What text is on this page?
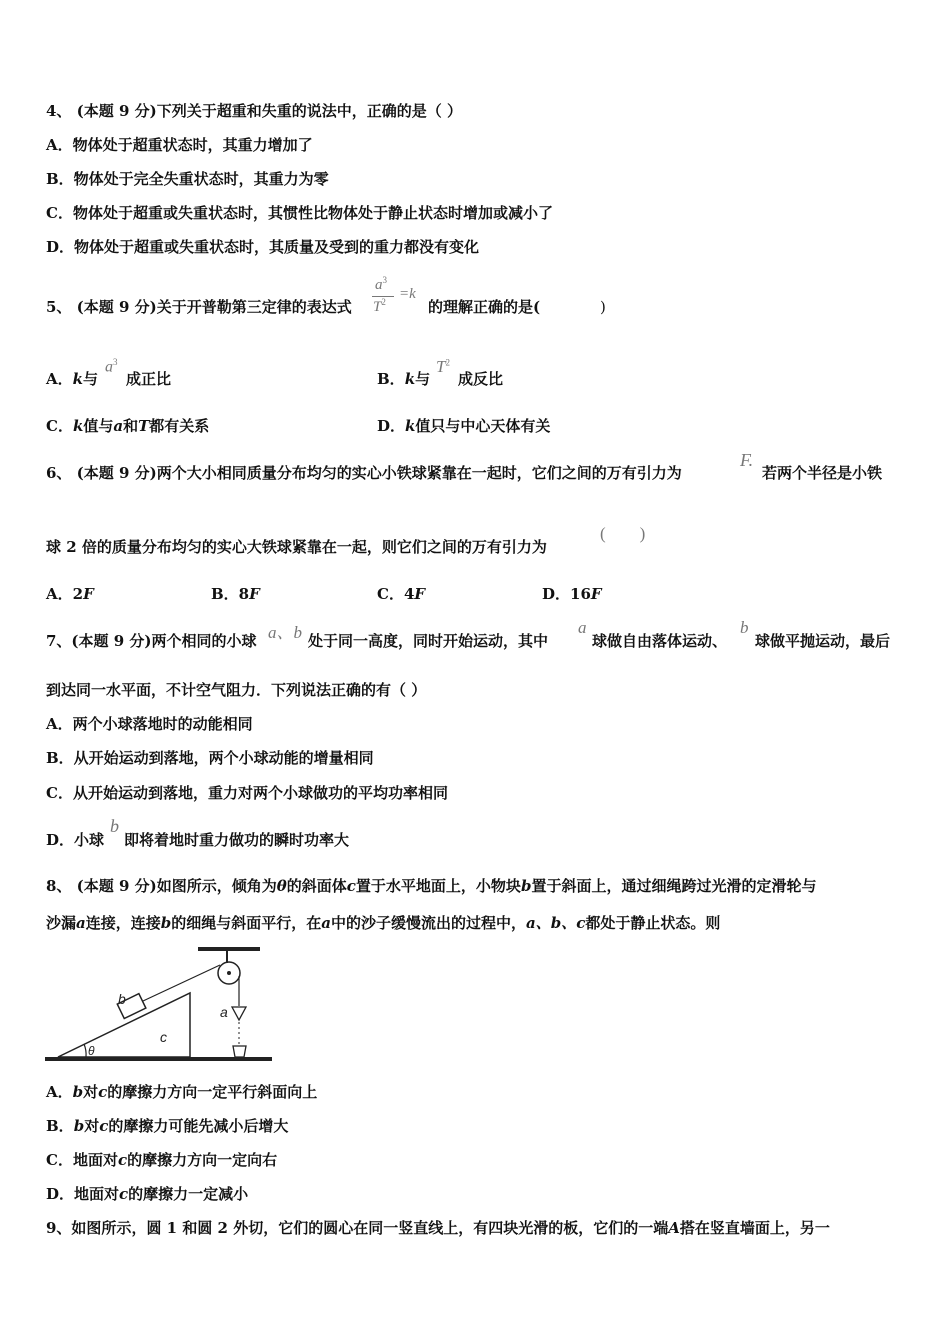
4、 (本题 9 分)下列关于超重和失重的说法中，正确的是（ ）
A．物体处于超重状态时，其重力增加了
B．物体处于完全失重状态时，其重力为零
C．物体处于超重或失重状态时，其惯性比物体处于静止状态时增加或减小了
D．物体处于超重或失重状态时，其质量及受到的重力都没有变化
5、 (本题 9 分)关于开普勒第三定律的表达式
$a^3$
$T^2 =k$
的理解正确的是(	)
A．k与
$a^3$
成正比	B．k与
$T^2$
成反比
C．k值与a和T都有关系	D．k值只与中心天体有关
6、 (本题 9 分)两个大小相同质量分布均匀的实心小铁球紧靠在一起时，它们之间的万有引力为
F.
若两个半径是小铁
球 2 倍的质量分布均匀的实心大铁球紧靠在一起，则它们之间的万有引力为
(        )
A．2F	B．8F	C．4F	D．16F
7、(本题 9 分)两个相同的小球 a、b 处于同一高度，同时开始运动，其中
a
球做自由落体运动、
b
球做平抛运动，最后
到达同一水平面，不计空气阻力．下列说法正确的有（ ）
A．两个小球落地时的动能相同
B．从开始运动到落地，两个小球动能的增量相同
C．从开始运动到落地，重力对两个小球做功的平均功率相同
D．小球
b
即将着地时重力做功的瞬时功率大
8、 (本题 9 分)如图所示，倾角为θ的斜面体c置于水平地面上，小物块b置于斜面上，通过细绳跨过光滑的定滑轮与
沙漏a连接，连接b的细绳与斜面平行，在a中的沙子缓慢流出的过程中，a、b、c都处于静止状态。则
b
c
a
θ
A．b对c的摩擦力方向一定平行斜面向上
B．b对c的摩擦力可能先减小后增大
C．地面对c的摩擦力方向一定向右
D．地面对c的摩擦力一定减小
9、如图所示，圆 1 和圆 2 外切，它们的圆心在同一竖直线上，有四块光滑的板，它们的一端A搭在竖直墙面上，另一
